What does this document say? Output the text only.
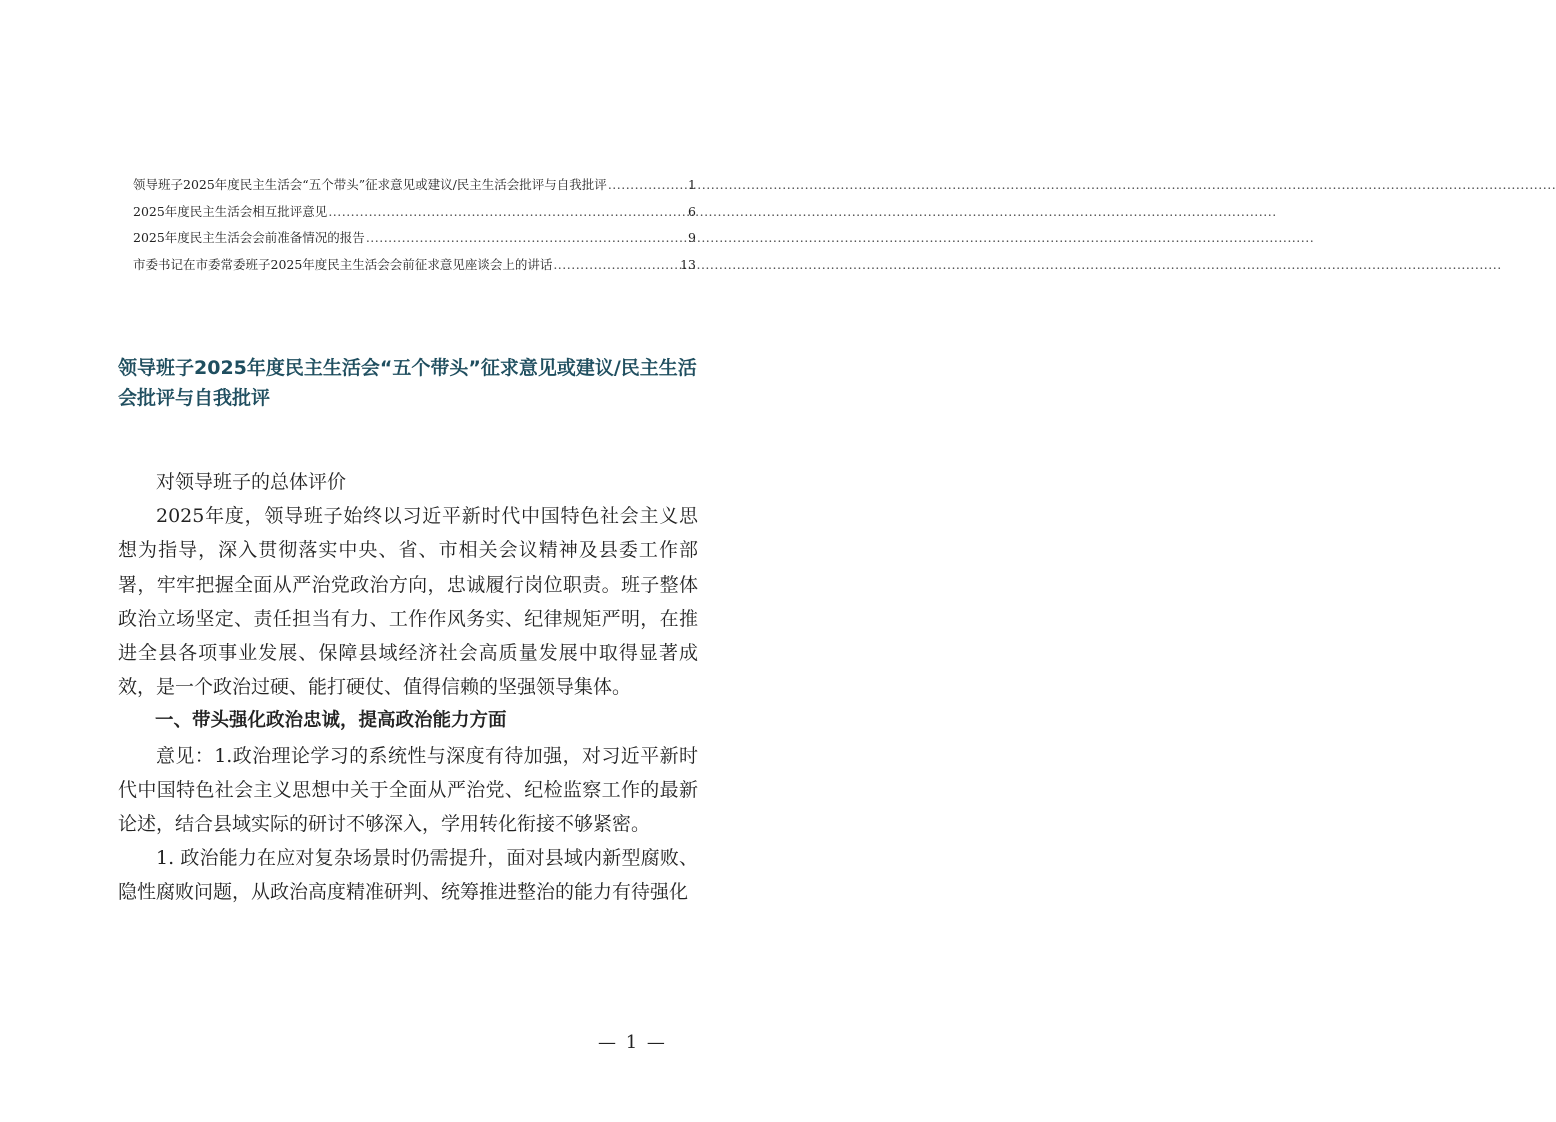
领导班子2025年度民主生活会“五个带头”征求意见或建议/民主生活会批评与自我批评 .....	1
2025年度民主生活会相互批评意见 .....	6
2025年度民主生活会会前准备情况的报告 .....	9
市委书记在市委常委班子2025年度民主生活会会前征求意见座谈会上的讲话 .....	13
领导班子2025年度民主生活会“五个带头”征求意见或建议/民主生活会批评与自我批评

对领导班子的总体评价

2025年度，领导班子始终以习近平新时代中国特色社会主义思想为指导，深入贯彻落实中央、省、市相关会议精神及县委工作部署，牢牢把握全面从严治党政治方向，忠诚履行岗位职责。班子整体政治立场坚定、责任担当有力、工作作风务实、纪律规矩严明，在推进全县各项事业发展、保障县域经济社会高质量发展中取得显著成效，是一个政治过硬、能打硬仗、值得信赖的坚强领导集体。

一、带头强化政治忠诚，提高政治能力方面

意见：1.政治理论学习的系统性与深度有待加强，对习近平新时代中国特色社会主义思想中关于全面从严治党、纪检监察工作的最新论述，结合县域实际的研讨不够深入，学用转化衔接不够紧密。

1. 政治能力在应对复杂场景时仍需提升，面对县域内新型腐败、隐性腐败问题，从政治高度精准研判、统筹推进整治的能力有待强化

— 1 —
